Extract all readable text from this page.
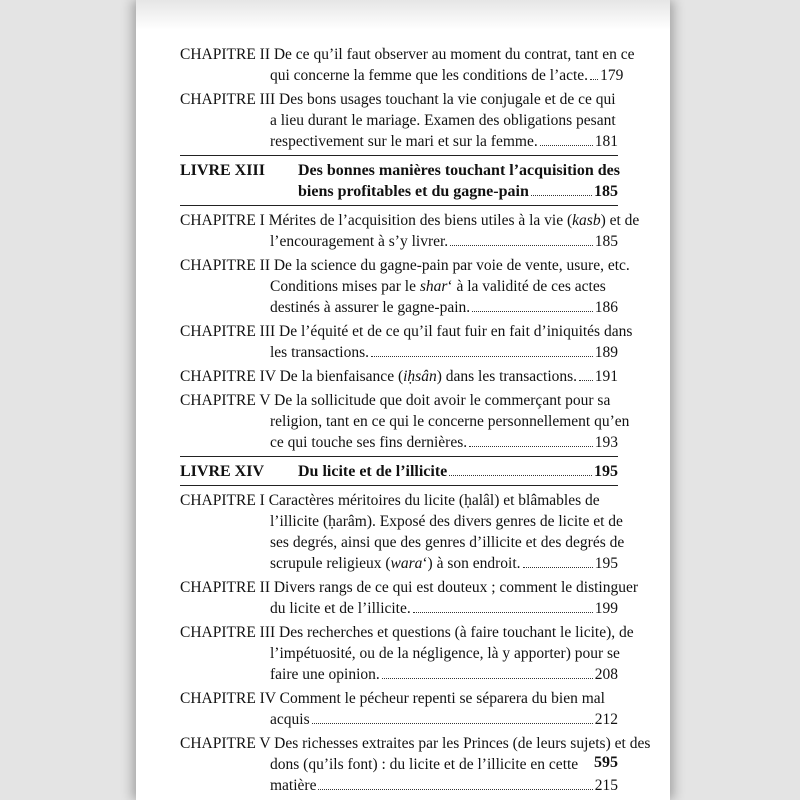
CHAPITRE II De ce qu’il faut observer au moment du contrat, tant en ce
qui concerne la femme que les conditions de l’acte. 179
CHAPITRE III Des bons usages touchant la vie conjugale et de ce qui
a lieu durant le mariage. Examen des obligations pesant
respectivement sur le mari et sur la femme.	181
LIVRE XIII	Des bonnes manières touchant l’acquisition des
biens profitables et du gagne-pain	185
CHAPITRE I Mérites de l’acquisition des biens utiles à la vie (kasb) et de
l’encouragement à s’y livrer.	185
CHAPITRE II De la science du gagne-pain par voie de vente, usure, etc.
Conditions mises par le shar‘ à la validité de ces actes
destinés à assurer le gagne-pain.	186
CHAPITRE III De l’équité et de ce qu’il faut fuir en fait d’iniquités dans
les transactions.	189
CHAPITRE IV De la bienfaisance (iḥsân) dans les transactions. 191
CHAPITRE V De la sollicitude que doit avoir le commerçant pour sa
religion, tant en ce qui le concerne personnellement qu’en
ce qui touche ses fins dernières.	193
LIVRE XIV	Du licite et de l’illicite	195
CHAPITRE I Caractères méritoires du licite (ḥalâl) et blâmables de
l’illicite (ḥarâm). Exposé des divers genres de licite et de
ses degrés, ainsi que des genres d’illicite et des degrés de
scrupule religieux (wara‘) à son endroit.	195
CHAPITRE II Divers rangs de ce qui est douteux ; comment le distinguer
du licite et de l’illicite.	199
CHAPITRE III Des recherches et questions (à faire touchant le licite), de
l’impétuosité, ou de la négligence, là y apporter) pour se
faire une opinion.	208
CHAPITRE IV Comment le pécheur repenti se séparera du bien mal
acquis	212
CHAPITRE V Des richesses extraites par les Princes (de leurs sujets) et des
dons (qu’ils font) : du licite et de l’illicite en cette
matière	215
595
